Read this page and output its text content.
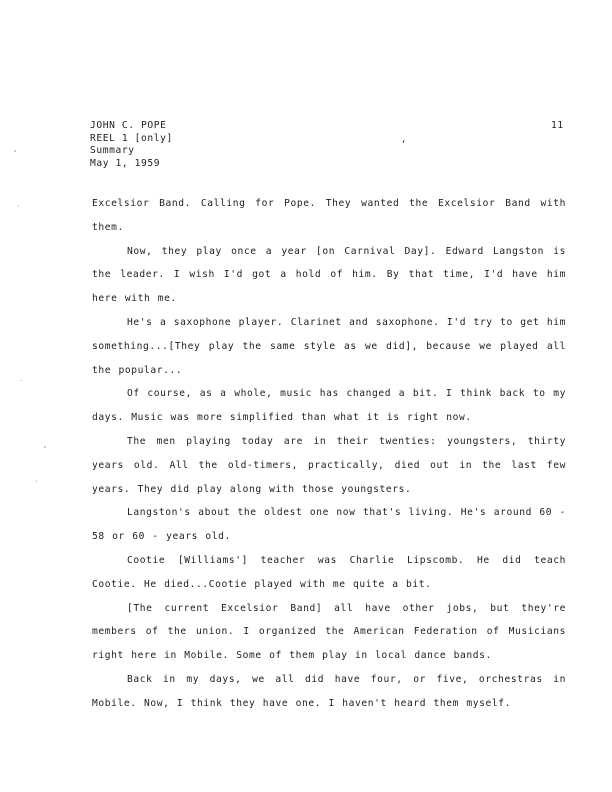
JOHN C. POPE
REEL 1 [only]
Summary
May 1, 1959
11
,

Excelsior Band. Calling for Pope. They wanted the Excelsior Band with them.

Now, they play once a year [on Carnival Day]. Edward Langston is the leader. I wish I'd got a hold of him. By that time, I'd have him here with me.

He's a saxophone player. Clarinet and saxophone. I'd try to get him something...[They play the same style as we did], because we played all the popular...

Of course, as a whole, music has changed a bit. I think back to my days. Music was more simplified than what it is right now.

The men playing today are in their twenties: youngsters, thirty years old. All the old-timers, practically, died out in the last few years. They did play along with those youngsters.

Langston's about the oldest one now that's living. He's around 60 - 58 or 60 - years old.

Cootie [Williams'] teacher was Charlie Lipscomb. He did teach Cootie. He died...Cootie played with me quite a bit.

[The current Excelsior Band] all have other jobs, but they're members of the union. I organized the American Federation of Musicians right here in Mobile. Some of them play in local dance bands.

Back in my days, we all did have four, or five, orchestras in Mobile. Now, I think they have one. I haven't heard them myself.
